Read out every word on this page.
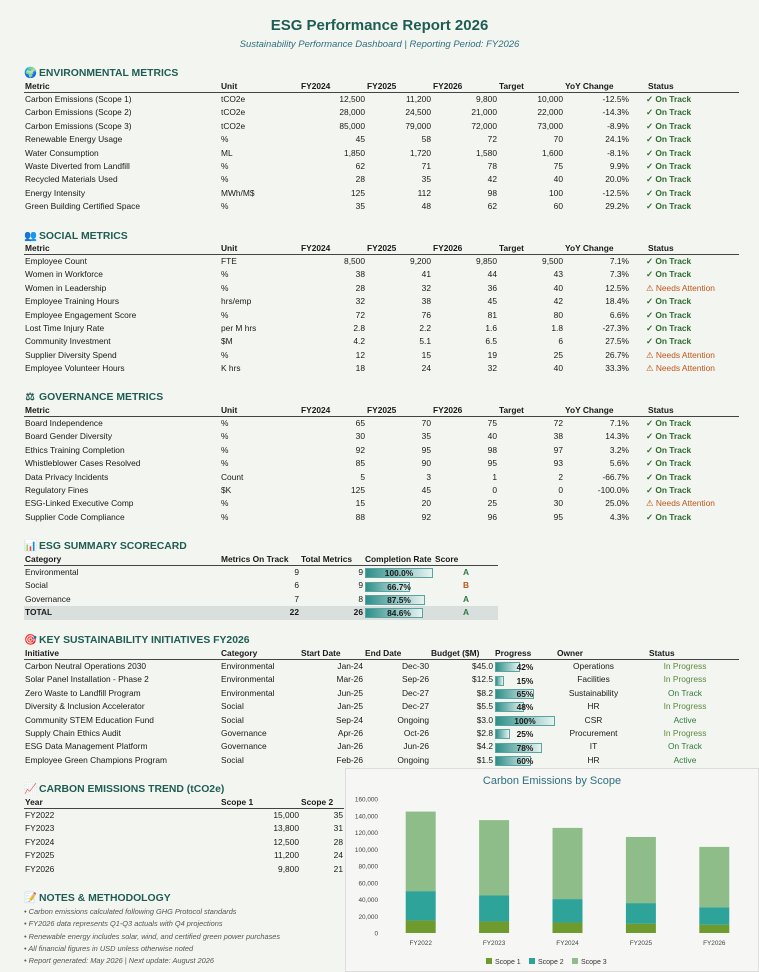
ESG Performance Report 2026
Sustainability Performance Dashboard | Reporting Period: FY2026
🌍 ENVIRONMENTAL METRICS
Metric	Unit	FY2024	FY2025	FY2026	Target	YoY Change	Status
Carbon Emissions (Scope 1)	tCO2e	12,500	11,200	9,800	10,000	-12.5%	✓ On Track
Carbon Emissions (Scope 2)	tCO2e	28,000	24,500	21,000	22,000	-14.3%	✓ On Track
Carbon Emissions (Scope 3)	tCO2e	85,000	79,000	72,000	73,000	-8.9%	✓ On Track
Renewable Energy Usage	%	45	58	72	70	24.1%	✓ On Track
Water Consumption	ML	1,850	1,720	1,580	1,600	-8.1%	✓ On Track
Waste Diverted from Landfill	%	62	71	78	75	9.9%	✓ On Track
Recycled Materials Used	%	28	35	42	40	20.0%	✓ On Track
Energy Intensity	MWh/M$	125	112	98	100	-12.5%	✓ On Track
Green Building Certified Space	%	35	48	62	60	29.2%	✓ On Track
👥 SOCIAL METRICS
Metric	Unit	FY2024	FY2025	FY2026	Target	YoY Change	Status
Employee Count	FTE	8,500	9,200	9,850	9,500	7.1%	✓ On Track
Women in Workforce	%	38	41	44	43	7.3%	✓ On Track
Women in Leadership	%	28	32	36	40	12.5%	⚠ Needs Attention
Employee Training Hours	hrs/emp	32	38	45	42	18.4%	✓ On Track
Employee Engagement Score	%	72	76	81	80	6.6%	✓ On Track
Lost Time Injury Rate	per M hrs	2.8	2.2	1.6	1.8	-27.3%	✓ On Track
Community Investment	$M	4.2	5.1	6.5	6	27.5%	✓ On Track
Supplier Diversity Spend	%	12	15	19	25	26.7%	⚠ Needs Attention
Employee Volunteer Hours	K hrs	18	24	32	40	33.3%	⚠ Needs Attention
⚖ GOVERNANCE METRICS
Metric	Unit	FY2024	FY2025	FY2026	Target	YoY Change	Status
Board Independence	%	65	70	75	72	7.1%	✓ On Track
Board Gender Diversity	%	30	35	40	38	14.3%	✓ On Track
Ethics Training Completion	%	92	95	98	97	3.2%	✓ On Track
Whistleblower Cases Resolved	%	85	90	95	93	5.6%	✓ On Track
Data Privacy Incidents	Count	5	3	1	2	-66.7%	✓ On Track
Regulatory Fines	$K	125	45	0	0	-100.0%	✓ On Track
ESG-Linked Executive Comp	%	15	20	25	30	25.0%	⚠ Needs Attention
Supplier Code Compliance	%	88	92	96	95	4.3%	✓ On Track
📊 ESG SUMMARY SCORECARD
Category	Metrics On Track	Total Metrics	Completion Rate	Score
Environmental	9	9	100.0%	A
Social	6	9	66.7%	B
Governance	7	8	87.5%	A
TOTAL	22	26	84.6%	A
🎯 KEY SUSTAINABILITY INITIATIVES FY2026
Initiative	Category	Start Date	End Date	Budget ($M)	Progress	Owner	Status
Carbon Neutral Operations 2030	Environmental	Jan-24	Dec-30	$45.0	42%	Operations	In Progress
Solar Panel Installation - Phase 2	Environmental	Mar-26	Sep-26	$12.5	15%	Facilities	In Progress
Zero Waste to Landfill Program	Environmental	Jun-25	Dec-27	$8.2	65%	Sustainability	On Track
Diversity & Inclusion Accelerator	Social	Jan-25	Dec-27	$5.5	48%	HR	In Progress
Community STEM Education Fund	Social	Sep-24	Ongoing	$3.0	100%	CSR	Active
Supply Chain Ethics Audit	Governance	Apr-26	Oct-26	$2.8	25%	Procurement	In Progress
ESG Data Management Platform	Governance	Jan-26	Jun-26	$4.2	78%	IT	On Track
Employee Green Champions Program	Social	Feb-26	Ongoing	$1.5	60%	HR	Active
📈 CARBON EMISSIONS TREND (tCO2e)
Year	Scope 1	Scope 2
FY2022	15,000	35
FY2023	13,800	31
FY2024	12,500	28
FY2025	11,200	24
FY2026	9,800	21
📝 NOTES & METHODOLOGY
• Carbon emissions calculated following GHG Protocol standards
• FY2026 data represents Q1-Q3 actuals with Q4 projections
• Renewable energy includes solar, wind, and certified green power purchases
• All financial figures in USD unless otherwise noted
• Report generated: May 2026 | Next update: August 2026
Carbon Emissions by Scope
0
20,000
40,000
60,000
80,000
100,000
120,000
140,000
160,000
FY2022	FY2023	FY2024	FY2025	FY2026
Scope 1 Scope 2 Scope 3
